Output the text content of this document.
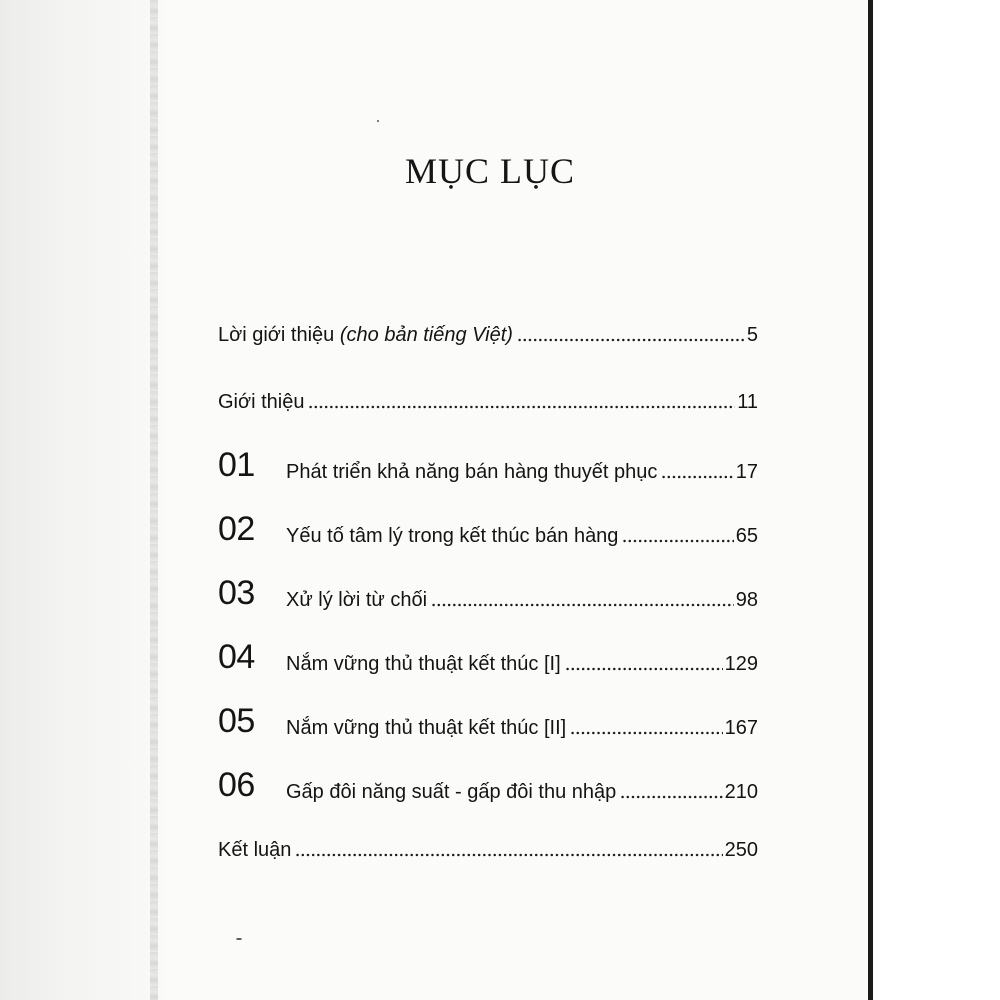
MỤC LỤC
Lời giới thiệu (cho bản tiếng Việt)	5
Giới thiệu	11
01	Phát triển khả năng bán hàng thuyết phục	17
02	Yếu tố tâm lý trong kết thúc bán hàng	65
03	Xử lý lời từ chối	98
04	Nắm vững thủ thuật kết thúc [I]	129
05	Nắm vững thủ thuật kết thúc [II]	167
06	Gấp đôi năng suất - gấp đôi thu nhập	210
Kết luận	250
